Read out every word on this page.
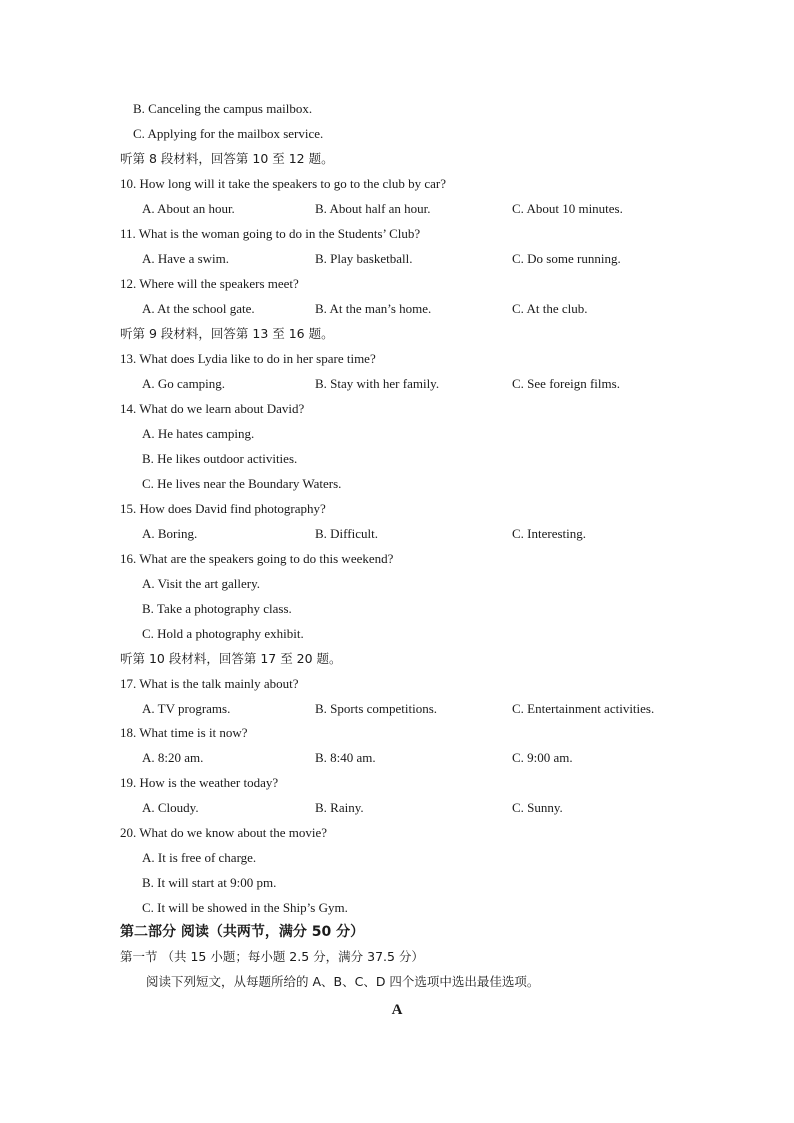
B. Canceling the campus mailbox.
C. Applying for the mailbox service.
听第 8 段材料，回答第 10 至 12 题。
10. How long will it take the speakers to go to the club by car?
A. About an hour.	B. About half an hour.	C. About 10 minutes.
11. What is the woman going to do in the Students’ Club?
A. Have a swim.	B. Play basketball.	C. Do some running.
12. Where will the speakers meet?
A. At the school gate.	B. At the man’s home.	C. At the club.
听第 9 段材料，回答第 13 至 16 题。
13. What does Lydia like to do in her spare time?
A. Go camping.	B. Stay with her family.	C. See foreign films.
14. What do we learn about David?
A. He hates camping.
B. He likes outdoor activities.
C. He lives near the Boundary Waters.
15. How does David find photography?
A. Boring.	B. Difficult.	C. Interesting.
16. What are the speakers going to do this weekend?
A. Visit the art gallery.
B. Take a photography class.
C. Hold a photography exhibit.
听第 10 段材料，回答第 17 至 20 题。
17. What is the talk mainly about?
A. TV programs.	B. Sports competitions.	C. Entertainment activities.
18. What time is it now?
A. 8:20 am.	B. 8:40 am.	C. 9:00 am.
19. How is the weather today?
A. Cloudy.	B. Rainy.	C. Sunny.
20. What do we know about the movie?
A. It is free of charge.
B. It will start at 9:00 pm.
C. It will be showed in the Ship’s Gym.
第二部分 阅读（共两节，满分 50 分）
第一节 （共 15 小题；每小题 2.5 分，满分 37.5 分）
阅读下列短文，从每题所给的 A、B、C、D 四个选项中选出最佳选项。
A
